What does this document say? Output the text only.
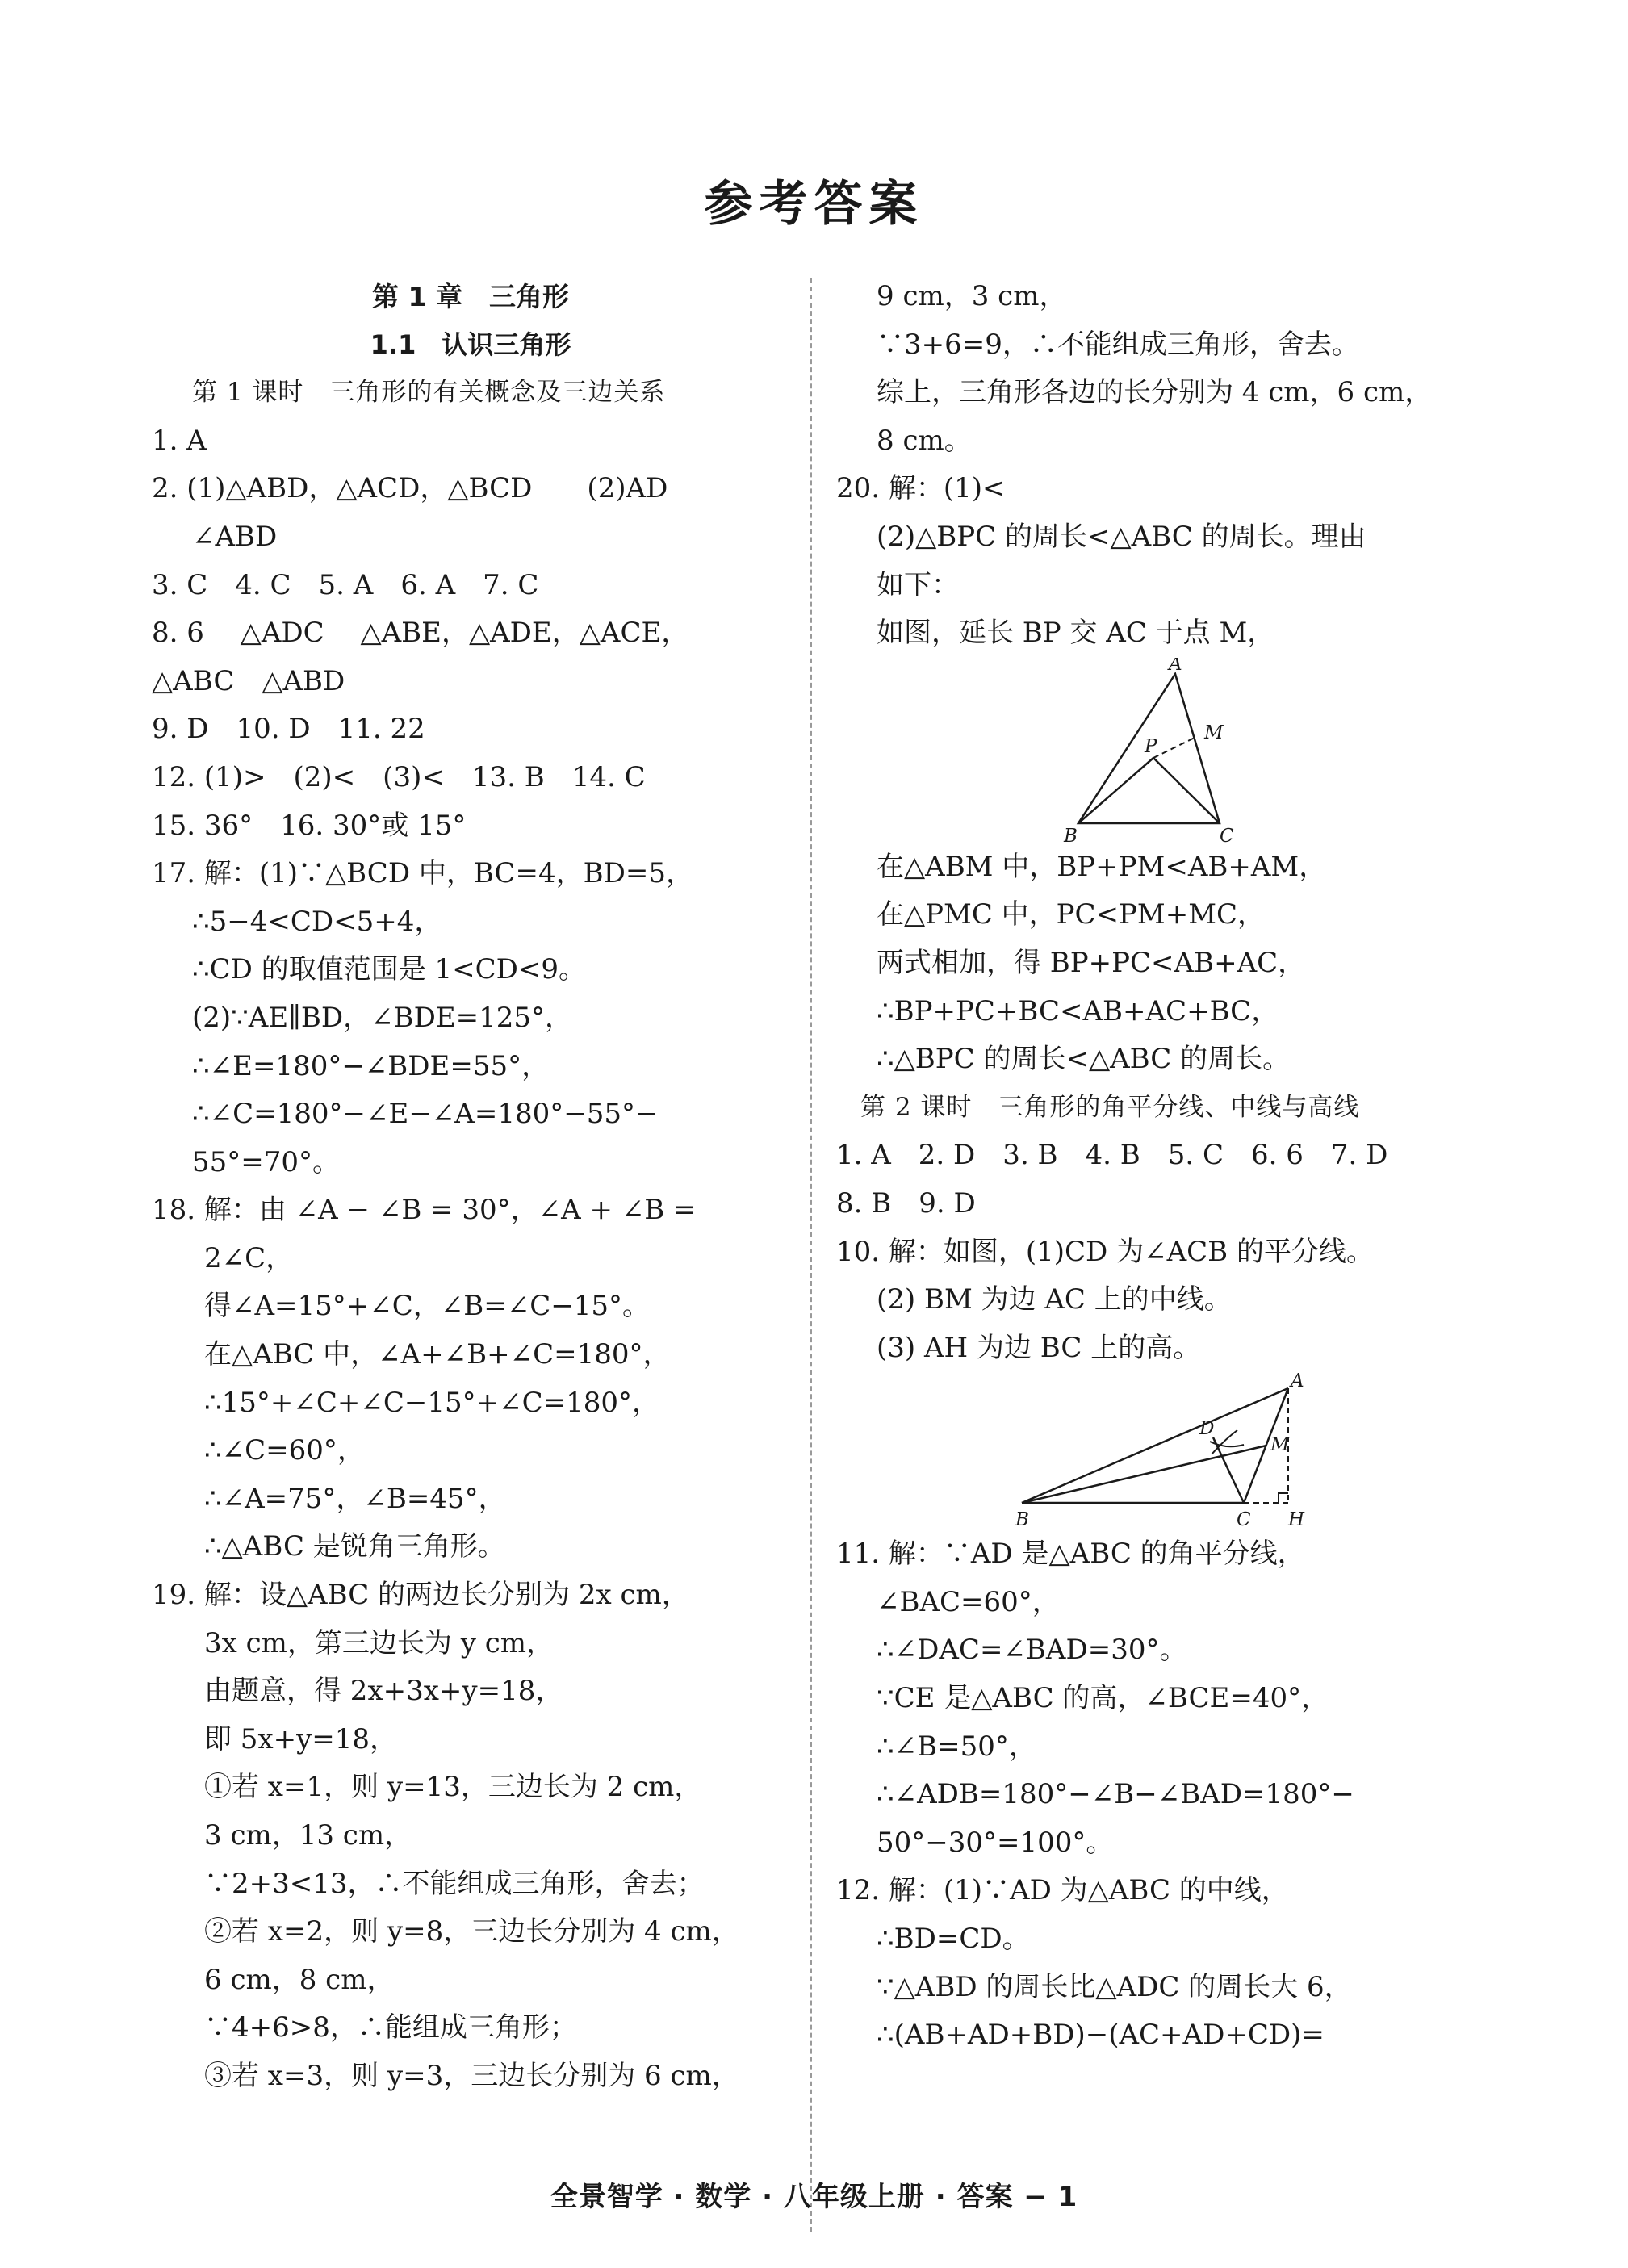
参考答案
第 1 章　三角形
1.1　认识三角形
第 1 课时　三角形的有关概念及三边关系
1. A
2. (1)△ABD，△ACD，△BCD　　(2)AD
∠ABD
3. C　4. C　5. A　6. A　7. C
8. 6　 △ADC　 △ABE，△ADE，△ACE，
△ABC　△ABD
9. D　10. D　11. 22
12. (1)>　(2)<　(3)<　13. B　14. C
15. 36°　16. 30°或 15°
17. 解：(1)∵△BCD 中，BC=4，BD=5，
∴5−4<CD<5+4，
∴CD 的取值范围是 1<CD<9。
(2)∵AE∥BD，∠BDE=125°，
∴∠E=180°−∠BDE=55°，
∴∠C=180°−∠E−∠A=180°−55°−
55°=70°。
18. 解：由 ∠A − ∠B = 30°，∠A + ∠B =
2∠C，
得∠A=15°+∠C，∠B=∠C−15°。
在△ABC 中，∠A+∠B+∠C=180°，
∴15°+∠C+∠C−15°+∠C=180°，
∴∠C=60°，
∴∠A=75°，∠B=45°，
∴△ABC 是锐角三角形。
19. 解：设△ABC 的两边长分别为 2x cm，
3x cm，第三边长为 y cm，
由题意，得 2x+3x+y=18，
即 5x+y=18，
①若 x=1，则 y=13，三边长为 2 cm，
3 cm，13 cm，
∵2+3<13，∴不能组成三角形，舍去；
②若 x=2，则 y=8，三边长分别为 4 cm，
6 cm，8 cm，
∵4+6>8，∴能组成三角形；
③若 x=3，则 y=3，三边长分别为 6 cm，
9 cm，3 cm，
∵3+6=9，∴不能组成三角形，舍去。
综上，三角形各边的长分别为 4 cm，6 cm，
8 cm。
20. 解：(1)<
(2)△BPC 的周长<△ABC 的周长。理由
如下：
如图，延长 BP 交 AC 于点 M，
A
B	C
P
M
在△ABM 中，BP+PM<AB+AM，
在△PMC 中，PC<PM+MC，
两式相加，得 BP+PC<AB+AC，
∴BP+PC+BC<AB+AC+BC，
∴△BPC 的周长<△ABC 的周长。
第 2 课时　三角形的角平分线、中线与高线
1. A　2. D　3. B　4. B　5. C　6. 6　7. D
8. B　9. D
10. 解：如图，(1)CD 为∠ACB 的平分线。
(2) BM 为边 AC 上的中线。
(3) AH 为边 BC 上的高。
A
B	C
D
M
H
11. 解：∵AD 是△ABC 的角平分线，
∠BAC=60°，
∴∠DAC=∠BAD=30°。
∵CE 是△ABC 的高，∠BCE=40°，
∴∠B=50°，
∴∠ADB=180°−∠B−∠BAD=180°−
50°−30°=100°。
12. 解：(1)∵AD 为△ABC 的中线，
∴BD=CD。
∵△ABD 的周长比△ADC 的周长大 6，
∴(AB+AD+BD)−(AC+AD+CD)=
全景智学 · 数学 · 八年级上册 · 答案 − 1
